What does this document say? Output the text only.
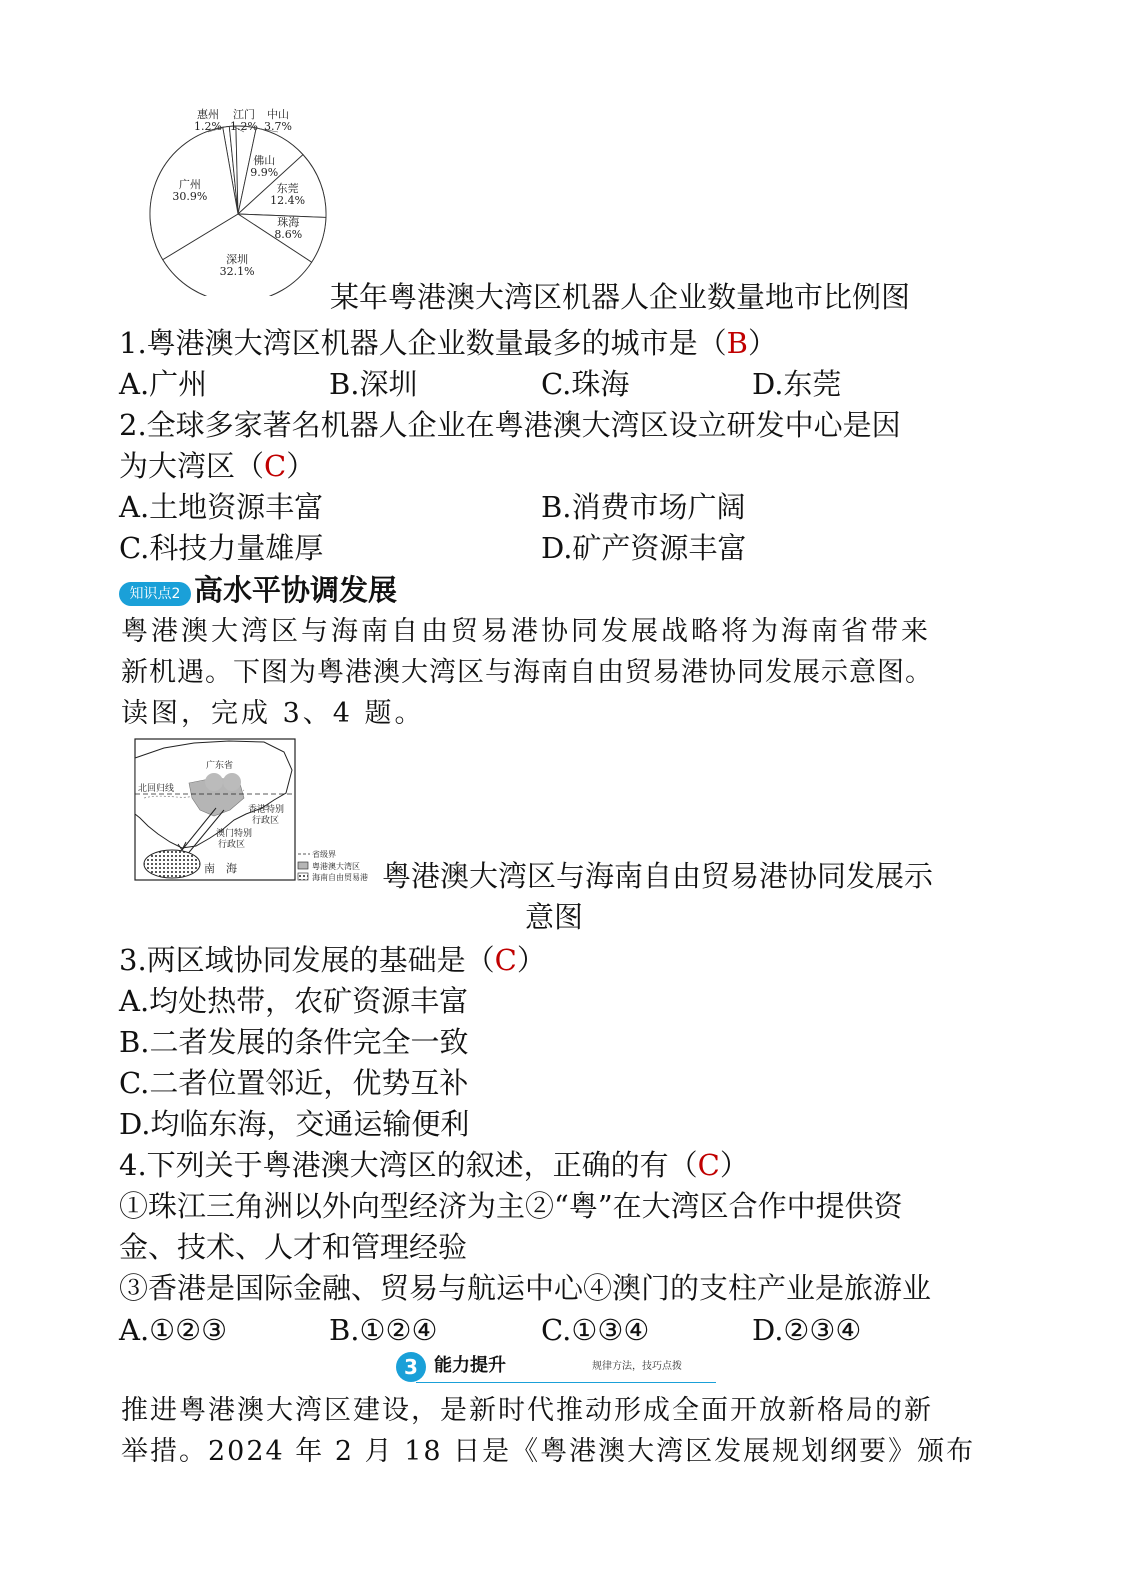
惠州
1.2%
江门
1.2%
中山
3.7%
佛山
9.9%
东莞
12.4%
珠海
8.6%
深圳
32.1%
广州
30.9%
某年粤港澳大湾区机器人企业数量地市比例图
1.粤港澳大湾区机器人企业数量最多的城市是（B）
A.广州	B.深圳	C.珠海	D.东莞
2.全球多家著名机器人企业在粤港澳大湾区设立研发中心是因
为大湾区（C）
A.土地资源丰富	B.消费市场广阔
C.科技力量雄厚	D.矿产资源丰富
知识点2 高水平协调发展
粤港澳大湾区与海南自由贸易港协同发展战略将为海南省带来
新机遇。下图为粤港澳大湾区与海南自由贸易港协同发展示意图。
读图，完成 3、4 题。
广东省
北回归线
香港特别
行政区
澳门特别
行政区
南　海
省级界
粤港澳大湾区
海南自由贸易港 粤港澳大湾区与海南自由贸易港协同发展示
意图
3.两区域协同发展的基础是（C）
A.均处热带，农矿资源丰富
B.二者发展的条件完全一致
C.二者位置邻近，优势互补
D.均临东海，交通运输便利
4.下列关于粤港澳大湾区的叙述，正确的有（C）
①珠江三角洲以外向型经济为主②“粤”在大湾区合作中提供资
金、技术、人才和管理经验
③香港是国际金融、贸易与航运中心④澳门的支柱产业是旅游业
A.①②③	B.①②④	C.①③④	D.②③④
3 能力提升	规律方法，技巧点拨
推进粤港澳大湾区建设，是新时代推动形成全面开放新格局的新
举措。2024 年 2 月 18 日是《粤港澳大湾区发展规划纲要》颁布
